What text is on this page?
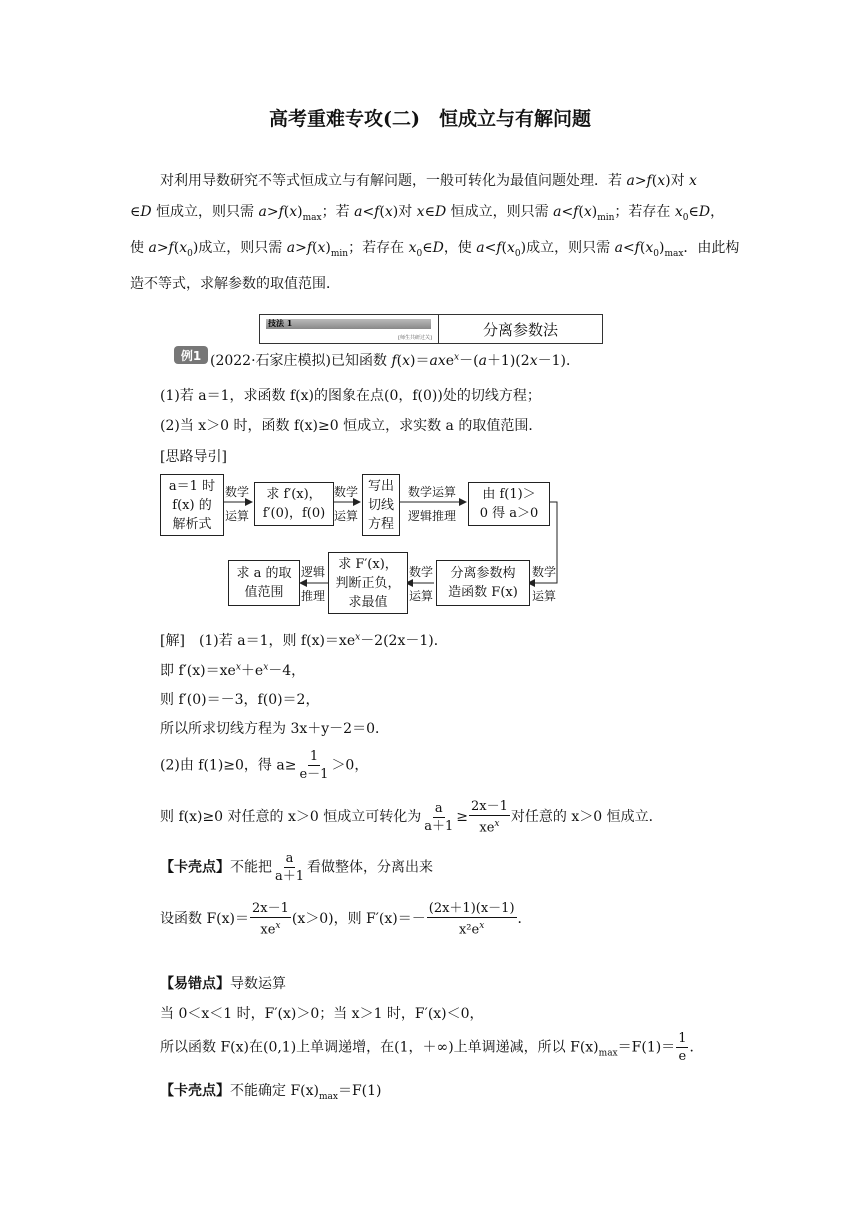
高考重难专攻(二)　恒成立与有解问题
对利用导数研究不等式恒成立与有解问题，一般可转化为最值问题处理．若 a>f(x)对 x
∈D 恒成立，则只需 $a>f(x)_{max}$；若 a<f(x)对 x∈D 恒成立，则只需 $a<f(x)_{min}$；若存在 $x_0\in D$，
使 $a>f(x_0)$成立，则只需 $a>f(x)_{min}$；若存在 $x_0\in D$，使 $a<f(x_0)$成立，则只需 $a<f(x_0)_{max}$．由此构
造不等式，求解参数的取值范围．
技法 1
[师生共研过关]	分离参数法
例1 (2022·石家庄模拟)已知函数 f(x)＝axe$^x$－(a＋1)(2x－1)．
(1)若 a＝1，求函数 f(x)的图象在点(0，f(0))处的切线方程；
(2)当 x＞0 时，函数 f(x)≥0 恒成立，求实数 a 的取值范围．
[思路导引]
a＝1 时
f(x) 的
解析式
数学
运算
求 f′(x)，
f′(0)，f(0)
数学
运算
写出
切线
方程
数学运算
逻辑推理
由 f(1)＞
0 得 a＞0
数学
运算
分离参数构
造函数 F(x)
数学
运算
求 F′(x)，
判断正负，
求最值
逻辑
推理
求 a 的取
值范围
[解]　 (1)若 a＝1，则 $f(x)=xe^x-2(2x-1)$．
即 $f'(x)=xe^x+e^x-4$，
则 f′(0)＝－3，f(0)＝2，
所以所求切线方程为 3x＋y－2＝0．
(2)由 f(1)≥0，得 $a\ge \frac{1}{e-1} >0$，
则 f(x)≥0 对任意的 x＞0 恒成立可转化为 $\frac{a}{a+1} \ge \frac{2x-1}{xe^x}$ 对任意的 x＞0 恒成立．
【卡壳点】不能把 $\frac{a}{a+1}$ 看做整体，分离出来
设函数 $F(x)= \frac{2x-1}{xe^x} (x>0)$，则 $F'(x)=- \frac{(2x+1)(x-1)}{x^2e^x}$ ．
【易错点】导数运算
当 0＜x＜1 时，F′(x)＞0；当 x＞1 时，F′(x)＜0，
所以函数 F(x)在(0,1)上单调递增，在(1，＋∞)上单调递减，所以 $F(x)_{max}=F(1)= \frac{1}{e}$ ．
【卡壳点】不能确定 $F(x)_{max}=F(1)$
